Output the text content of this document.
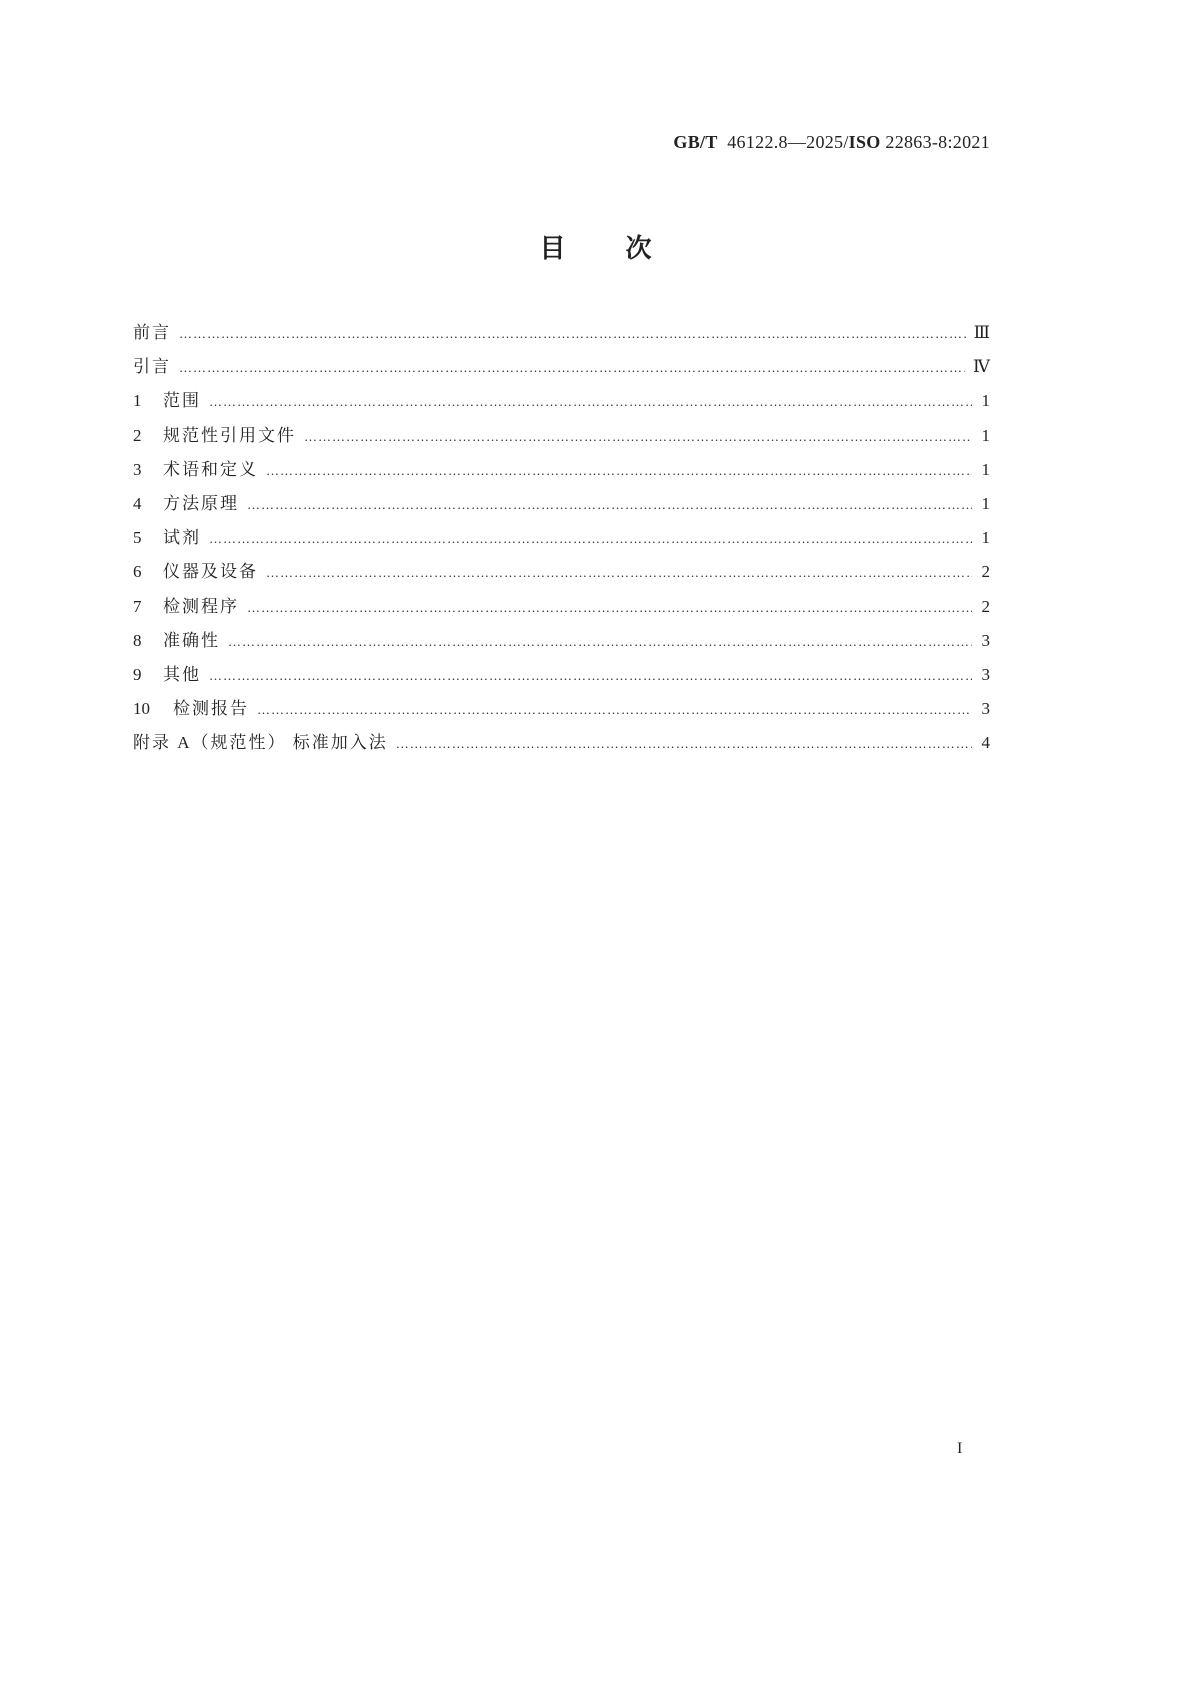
GB/T 46122.8—2025/ISO 22863-8:2021
目 次
前言 …………………………………………………………………………………………………………………………………………………………………………………………	Ⅲ
引言 …………………………………………………………………………………………………………………………………………………………………………………………	Ⅳ
1	范围 …………………………………………………………………………………………………………………………………………………………………………………………	1
2	规范性引用文件 …………………………………………………………………………………………………………………………………………………………………………………………	1
3	术语和定义 …………………………………………………………………………………………………………………………………………………………………………………………	1
4	方法原理 …………………………………………………………………………………………………………………………………………………………………………………………	1
5	试剂 …………………………………………………………………………………………………………………………………………………………………………………………	1
6	仪器及设备 …………………………………………………………………………………………………………………………………………………………………………………………	2
7	检测程序 …………………………………………………………………………………………………………………………………………………………………………………………	2
8	准确性 …………………………………………………………………………………………………………………………………………………………………………………………	3
9	其他 …………………………………………………………………………………………………………………………………………………………………………………………	3
10	检测报告 …………………………………………………………………………………………………………………………………………………………………………………………	3
附录 A（规范性） 标准加入法 …………………………………………………………………………………………………………………………………………………………………………………………	4
I
